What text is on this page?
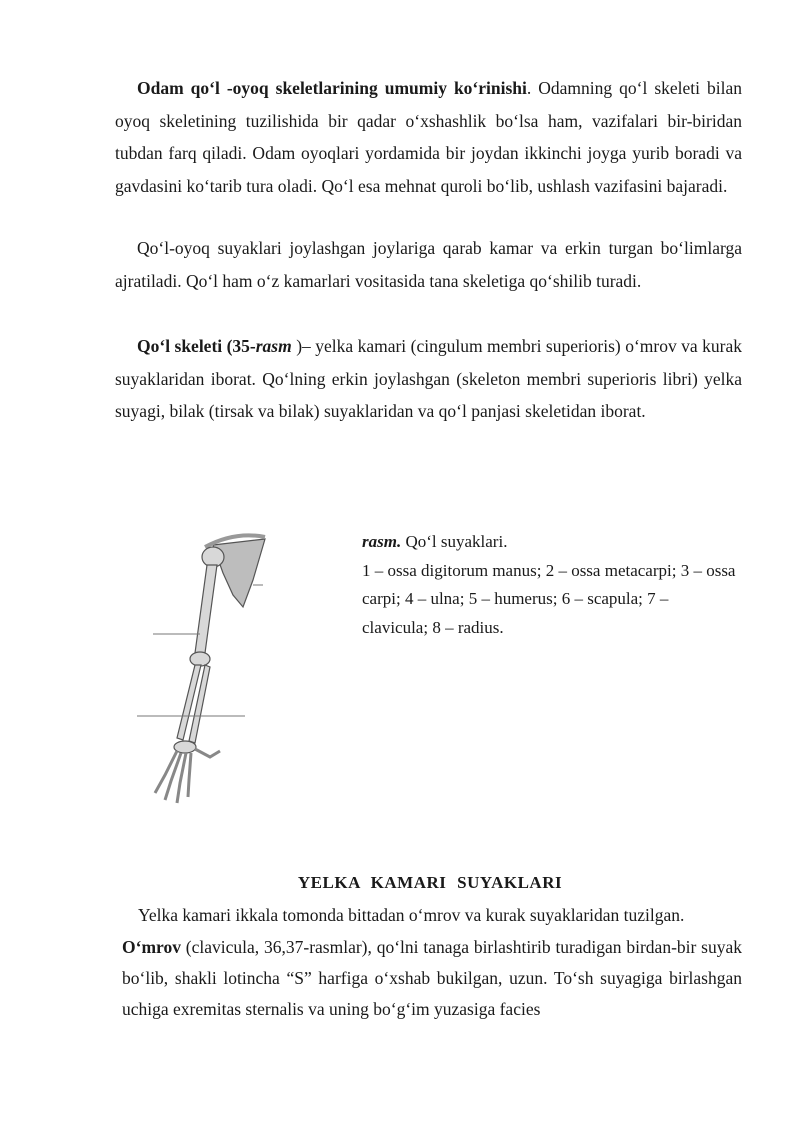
Odam qo‘l -oyoq skeletlarining umumiy ko‘rinishi. Odamning qo‘l skeleti bilan oyoq skeletining tuzilishida bir qadar o‘xshashlik bo‘lsa ham, vazifalari bir-biridan tubdan farq qiladi. Odam oyoqlari yordamida bir joydan ikkinchi joyga yurib boradi va gavdasini ko‘tarib tura oladi. Qo‘l esa mehnat quroli bo‘lib, ushlash vazifasini bajaradi.

Qo‘l-oyoq suyaklari joylashgan joylariga qarab kamar va erkin turgan bo‘limlarga ajratiladi. Qo‘l ham o‘z kamarlari vositasida tana skeletiga qo‘shilib turadi.

Qo‘l skeleti (35-rasm )– yelka kamari (cingulum membri superioris) o‘mrov va kurak suyaklaridan iborat. Qo‘lning erkin joylashgan (skeleton membri superioris libri) yelka suyagi, bilak (tirsak va bilak) suyaklaridan va qo‘l panjasi skeletidan iborat.

rasm. Qo‘l suyaklari.
1 – ossa digitorum manus; 2 – ossa metacarpi; 3 – ossa carpi; 4 – ulna; 5 – humerus; 6 – scapula; 7 – clavicula; 8 – radius.

YELKA KAMARI SUYAKLARI

Yelka kamari ikkala tomonda bittadan o‘mrov va kurak suyaklaridan tuzilgan.

O‘mrov (clavicula, 36,37-rasmlar), qo‘lni tanaga birlashtirib turadigan birdan-bir suyak bo‘lib, shakli lotincha “S” harfiga o‘xshab bukilgan, uzun. To‘sh suyagiga birlashgan uchiga exremitas sternalis va uning bo‘g‘im yuzasiga facies
